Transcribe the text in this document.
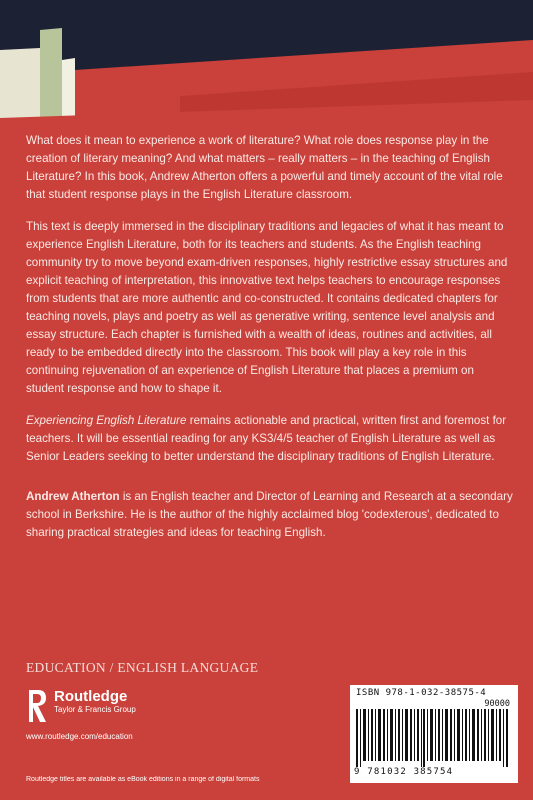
What does it mean to experience a work of literature? What role does response play in the creation of literary meaning? And what matters – really matters – in the teaching of English Literature? In this book, Andrew Atherton offers a powerful and timely account of the vital role that student response plays in the English Literature classroom.

This text is deeply immersed in the disciplinary traditions and legacies of what it has meant to experience English Literature, both for its teachers and students. As the English teaching community try to move beyond exam-driven responses, highly restrictive essay structures and explicit teaching of interpretation, this innovative text helps teachers to encourage responses from students that are more authentic and co-constructed. It contains dedicated chapters for teaching novels, plays and poetry as well as generative writing, sentence level analysis and essay structure. Each chapter is furnished with a wealth of ideas, routines and activities, all ready to be embedded directly into the classroom. This book will play a key role in this continuing rejuvenation of an experience of English Literature that places a premium on student response and how to shape it.

Experiencing English Literature remains actionable and practical, written first and foremost for teachers. It will be essential reading for any KS3/4/5 teacher of English Literature as well as Senior Leaders seeking to better understand the disciplinary traditions of English Literature.

Andrew Atherton is an English teacher and Director of Learning and Research at a secondary school in Berkshire. He is the author of the highly acclaimed blog 'codexterous', dedicated to sharing practical strategies and ideas for teaching English.

EDUCATION / ENGLISH LANGUAGE
Routledge
Taylor & Francis Group
www.routledge.com/education
ISBN 978-1-032-38575-4
90000
9 781032 385754
Routledge titles are available as eBook editions in a range of digital formats
